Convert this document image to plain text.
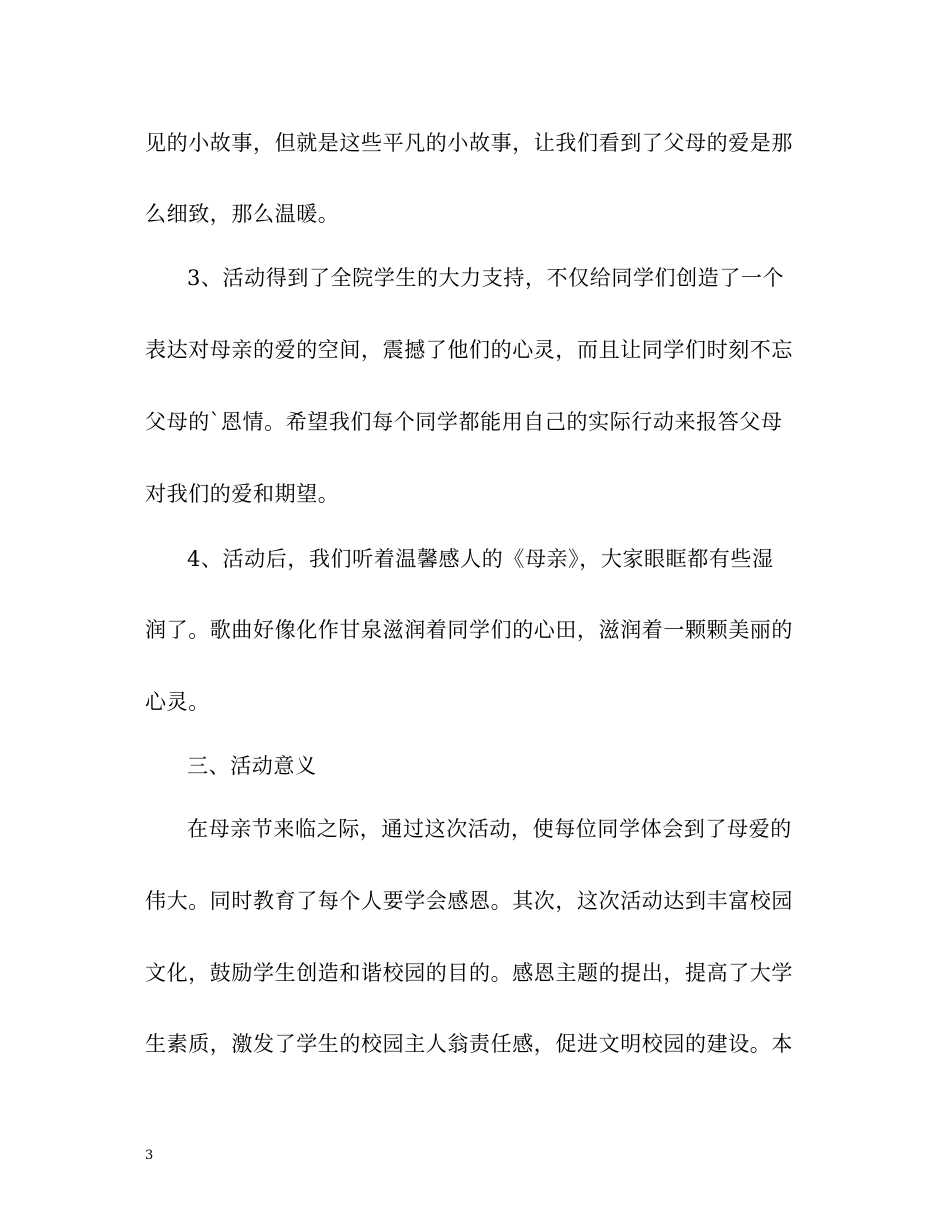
见的小故事，但就是这些平凡的小故事，让我们看到了父母的爱是那
么细致，那么温暖。
3、活动得到了全院学生的大力支持，不仅给同学们创造了一个
表达对母亲的爱的空间，震撼了他们的心灵，而且让同学们时刻不忘
父母的`恩情。希望我们每个同学都能用自己的实际行动来报答父母
对我们的爱和期望。
4、活动后，我们听着温馨感人的《母亲》，大家眼眶都有些湿
润了。歌曲好像化作甘泉滋润着同学们的心田，滋润着一颗颗美丽的
心灵。
三、活动意义
在母亲节来临之际，通过这次活动，使每位同学体会到了母爱的
伟大。同时教育了每个人要学会感恩。其次，这次活动达到丰富校园
文化，鼓励学生创造和谐校园的目的。感恩主题的提出，提高了大学
生素质，激发了学生的校园主人翁责任感，促进文明校园的建设。本
3
